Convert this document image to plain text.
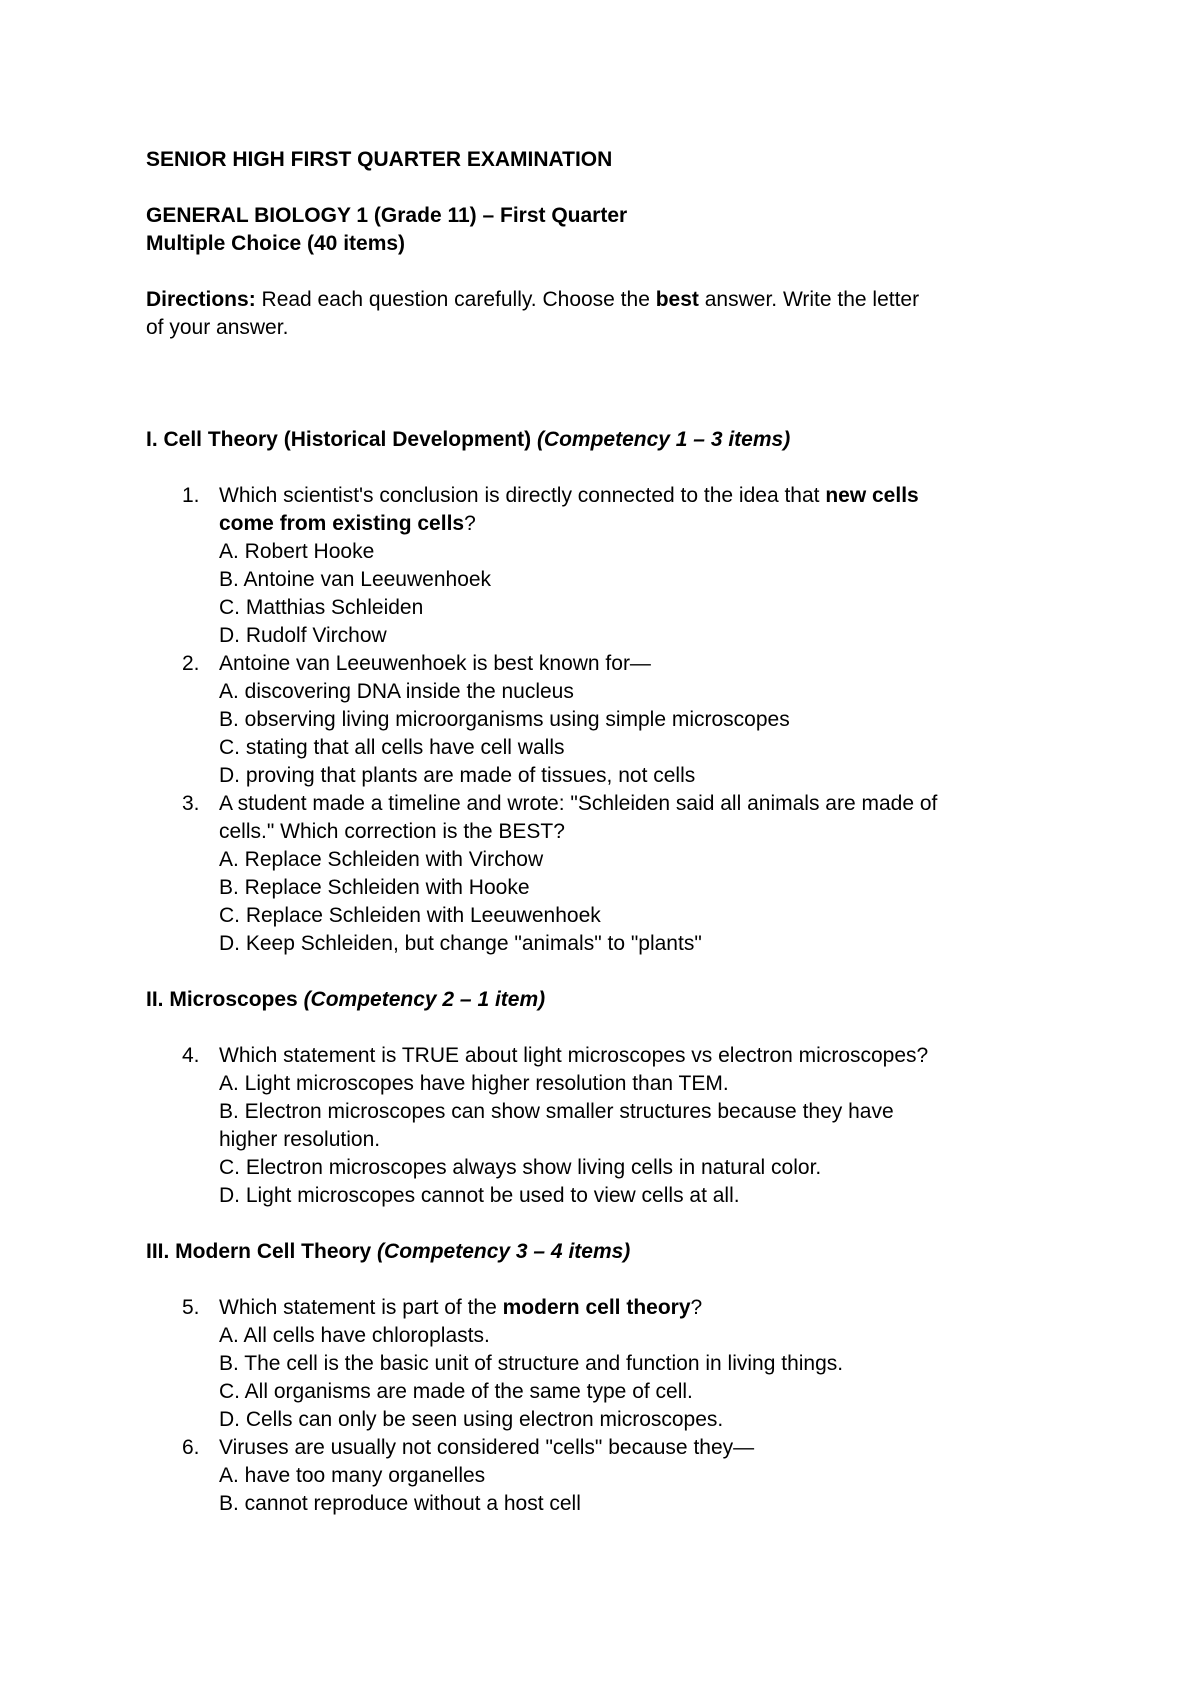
SENIOR HIGH FIRST QUARTER EXAMINATION

GENERAL BIOLOGY 1 (Grade 11) – First Quarter

Multiple Choice (40 items)

Directions: Read each question carefully. Choose the best answer. Write the letter

of your answer.

I. Cell Theory (Historical Development) (Competency 1 – 3 items)

1. Which scientist's conclusion is directly connected to the idea that new cells

come from existing cells?

A. Robert Hooke

B. Antoine van Leeuwenhoek

C. Matthias Schleiden

D. Rudolf Virchow

2. Antoine van Leeuwenhoek is best known for—

A. discovering DNA inside the nucleus

B. observing living microorganisms using simple microscopes

C. stating that all cells have cell walls

D. proving that plants are made of tissues, not cells

3. A student made a timeline and wrote: "Schleiden said all animals are made of

cells." Which correction is the BEST?

A. Replace Schleiden with Virchow

B. Replace Schleiden with Hooke

C. Replace Schleiden with Leeuwenhoek

D. Keep Schleiden, but change "animals" to "plants"

II. Microscopes (Competency 2 – 1 item)

4. Which statement is TRUE about light microscopes vs electron microscopes?

A. Light microscopes have higher resolution than TEM.

B. Electron microscopes can show smaller structures because they have

higher resolution.

C. Electron microscopes always show living cells in natural color.

D. Light microscopes cannot be used to view cells at all.

III. Modern Cell Theory (Competency 3 – 4 items)

5. Which statement is part of the modern cell theory?

A. All cells have chloroplasts.

B. The cell is the basic unit of structure and function in living things.

C. All organisms are made of the same type of cell.

D. Cells can only be seen using electron microscopes.

6. Viruses are usually not considered "cells" because they—

A. have too many organelles

B. cannot reproduce without a host cell
